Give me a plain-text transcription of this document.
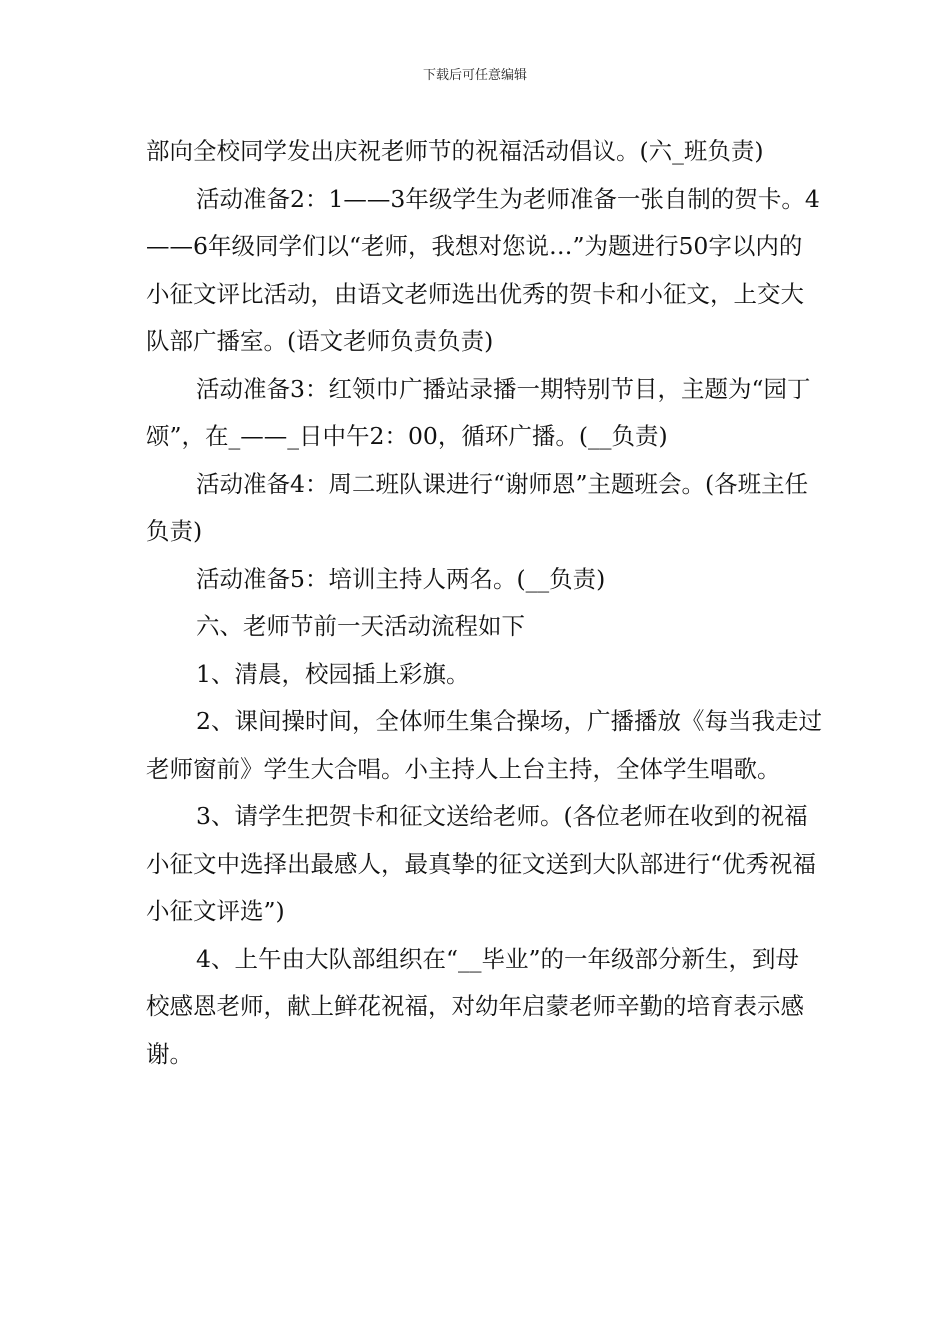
下载后可任意编辑

部向全校同学发出庆祝老师节的祝福活动倡议。(六_班负责)

活动准备2：1——3年级学生为老师准备一张自制的贺卡。4——6年级同学们以“老师，我想对您说…”为题进行50字以内的小征文评比活动，由语文老师选出优秀的贺卡和小征文，上交大队部广播室。(语文老师负责负责)

活动准备3：红领巾广播站录播一期特别节目，主题为“园丁颂”，在_——_日中午2：00，循环广播。(__负责)

活动准备4：周二班队课进行“谢师恩”主题班会。(各班主任负责)

活动准备5：培训主持人两名。(__负责)

六、老师节前一天活动流程如下

1、清晨，校园插上彩旗。

2、课间操时间，全体师生集合操场，广播播放《每当我走过老师窗前》学生大合唱。小主持人上台主持，全体学生唱歌。

3、请学生把贺卡和征文送给老师。(各位老师在收到的祝福小征文中选择出最感人，最真挚的征文送到大队部进行“优秀祝福小征文评选”)

4、上午由大队部组织在“__毕业”的一年级部分新生，到母校感恩老师，献上鲜花祝福，对幼年启蒙老师辛勤的培育表示感谢。
